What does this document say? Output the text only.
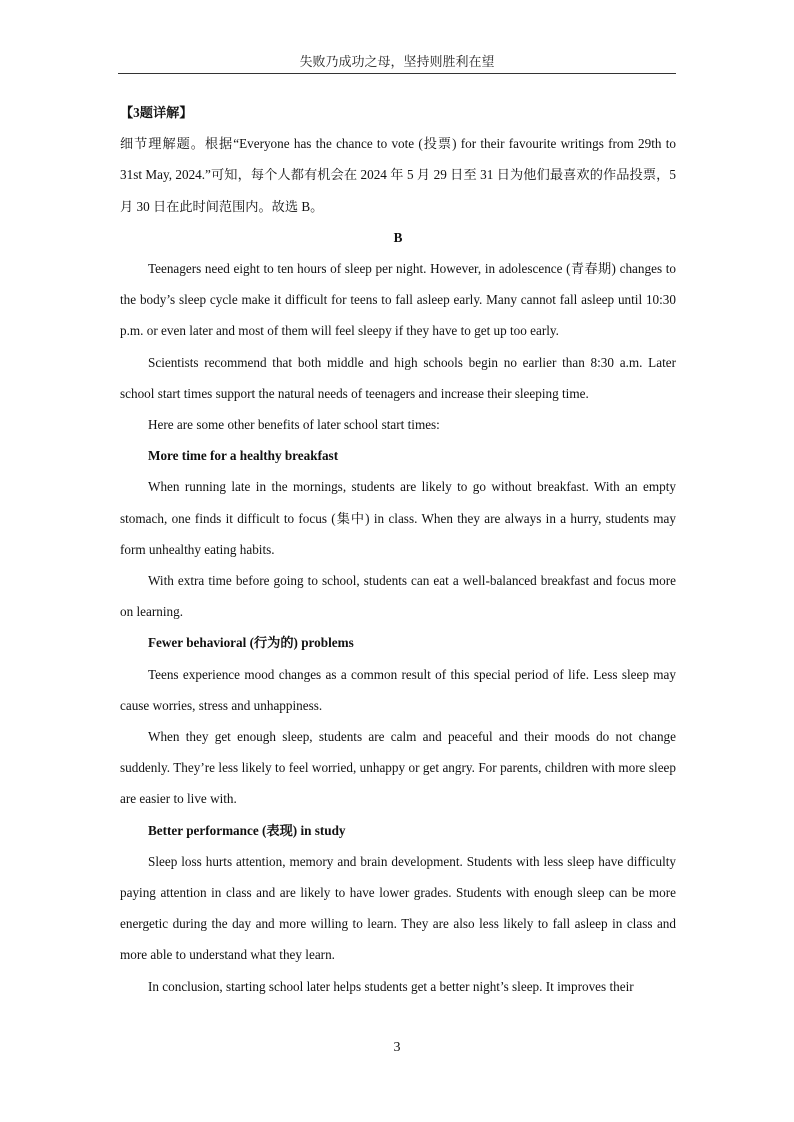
失败乃成功之母，坚持则胜利在望

【3题详解】

细节理解题。根据“Everyone has the chance to vote (投票) for their favourite writings from 29th to 31st May, 2024.”可知，每个人都有机会在 2024 年 5 月 29 日至 31 日为他们最喜欢的作品投票，5 月 30 日在此时间范围内。故选 B。

B

Teenagers need eight to ten hours of sleep per night. However, in adolescence (青春期) changes to the body’s sleep cycle make it difficult for teens to fall asleep early. Many cannot fall asleep until 10:30 p.m. or even later and most of them will feel sleepy if they have to get up too early.

Scientists recommend that both middle and high schools begin no earlier than 8:30 a.m. Later school start times support the natural needs of teenagers and increase their sleeping time.

Here are some other benefits of later school start times:

More time for a healthy breakfast

When running late in the mornings, students are likely to go without breakfast. With an empty stomach, one finds it difficult to focus (集中) in class. When they are always in a hurry, students may form unhealthy eating habits.

With extra time before going to school, students can eat a well-balanced breakfast and focus more on learning.

Fewer behavioral (行为的) problems

Teens experience mood changes as a common result of this special period of life. Less sleep may cause worries, stress and unhappiness.

When they get enough sleep, students are calm and peaceful and their moods do not change suddenly. They’re less likely to feel worried, unhappy or get angry. For parents, children with more sleep are easier to live with.

Better performance (表现) in study

Sleep loss hurts attention, memory and brain development. Students with less sleep have difficulty paying attention in class and are likely to have lower grades. Students with enough sleep can be more energetic during the day and more willing to learn. They are also less likely to fall asleep in class and more able to understand what they learn.

In conclusion, starting school later helps students get a better night’s sleep. It improves their

3
